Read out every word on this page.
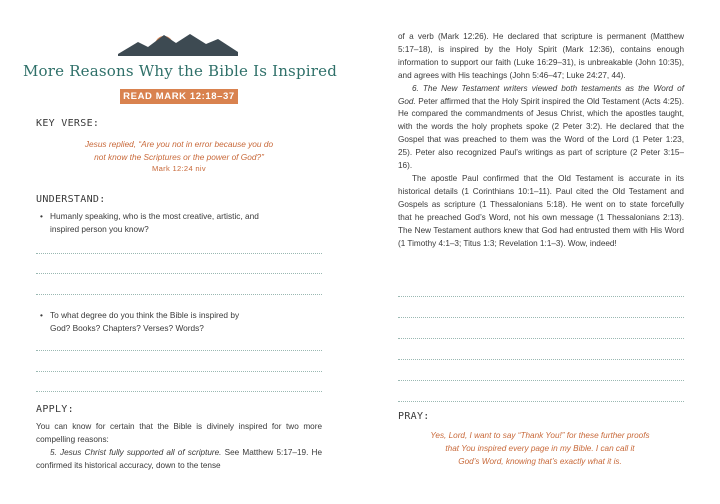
More Reasons Why the Bible Is Inspired
READ MARK 12:18–37
KEY VERSE:
Jesus replied, “Are you not in error because you do
not know the Scriptures or the power of God?”
Mark 12:24 niv
UNDERSTAND:
• Humanly speaking, who is the most creative, artistic, and
inspired person you know?
• To what degree do you think the Bible is inspired by
God? Books? Chapters? Verses? Words?
APPLY:

You can know for certain that the Bible is divinely inspired for two more compelling reasons:

5. Jesus Christ fully supported all of scripture. See Matthew 5:17–19. He confirmed its historical accuracy, down to the tense

of a verb (Mark 12:26). He declared that scripture is permanent (Matthew 5:17–18), is inspired by the Holy Spirit (Mark 12:36), contains enough information to support our faith (Luke 16:29–31), is unbreakable (John 10:35), and agrees with His teachings (John 5:46–47; Luke 24:27, 44).

6. The New Testament writers viewed both testaments as the Word of God. Peter affirmed that the Holy Spirit inspired the Old Testament (Acts 4:25). He compared the commandments of Jesus Christ, which the apostles taught, with the words the holy prophets spoke (2 Peter 3:2). He declared that the Gospel that was preached to them was the Word of the Lord (1 Peter 1:23, 25). Peter also recognized Paul’s writings as part of scripture (2 Peter 3:15–16).

The apostle Paul confirmed that the Old Testament is accurate in its historical details (1 Corinthians 10:1–11). Paul cited the Old Testament and Gospels as scripture (1 Thessalonians 5:18). He went on to state forcefully that he preached God’s Word, not his own message (1 Thessalonians 2:13). The New Testament authors knew that God had entrusted them with His Word (1 Timothy 4:1–3; Titus 1:3; Revelation 1:1–3). Wow, indeed!

PRAY:
Yes, Lord, I want to say “Thank You!” for these further proofs
that You inspired every page in my Bible. I can call it
God’s Word, knowing that’s exactly what it is.
